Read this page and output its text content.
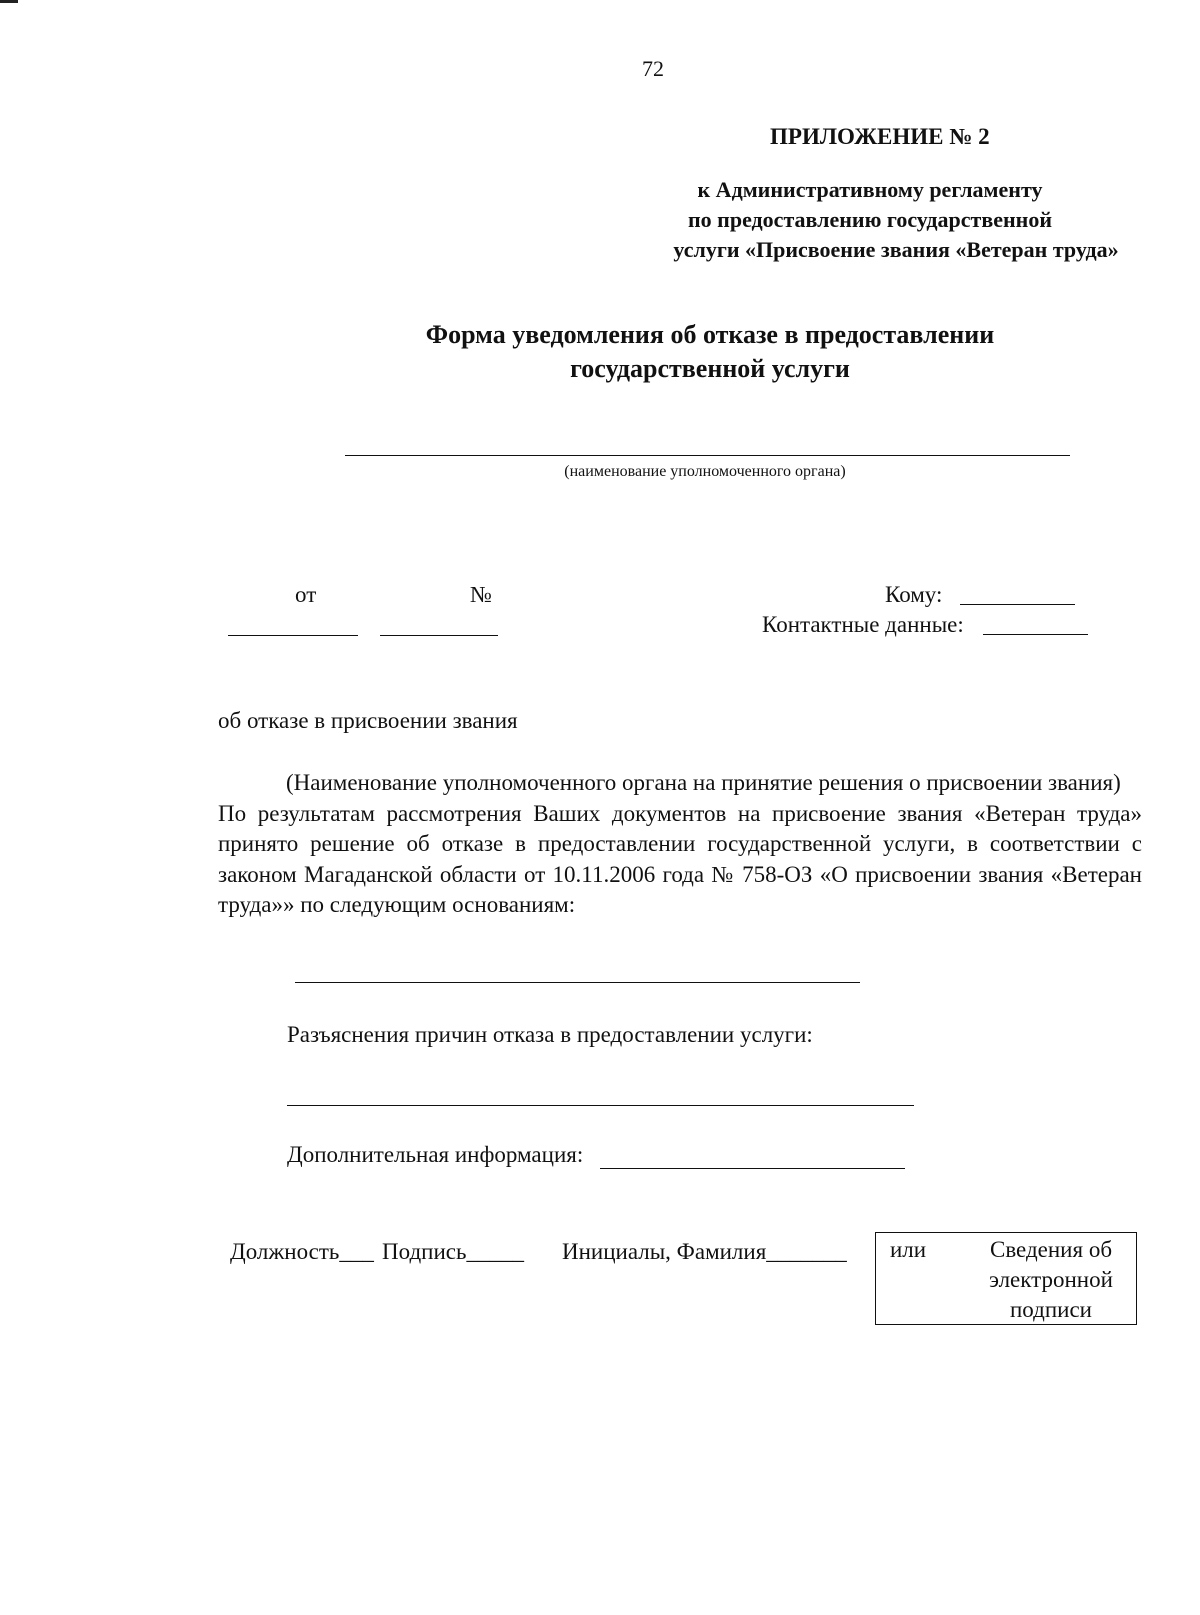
72
ПРИЛОЖЕНИЕ № 2
к Административному регламенту
по предоставлению государственной
услуги «Присвоение звания «Ветеран труда»
Форма уведомления об отказе в предоставлении
государственной услуги
(наименование уполномоченного органа)
от	№	Кому:
Контактные данные:
об отказе в присвоении звания

(Наименование уполномоченного органа на принятие решения о присвоении звания)

По результатам рассмотрения Ваших документов на присвоение звания «Ветеран труда» принято решение об отказе в предоставлении государственной услуги, в соответствии с законом Магаданской области от 10.11.2006 года № 758-ОЗ «О присвоении звания «Ветеран труда»» по следующим основаниям:

Разъяснения причин отказа в предоставлении услуги:
Дополнительная информация:
Должность___ Подпись_____ Инициалы, Фамилия_______ или	Сведения об
электронной
подписи
